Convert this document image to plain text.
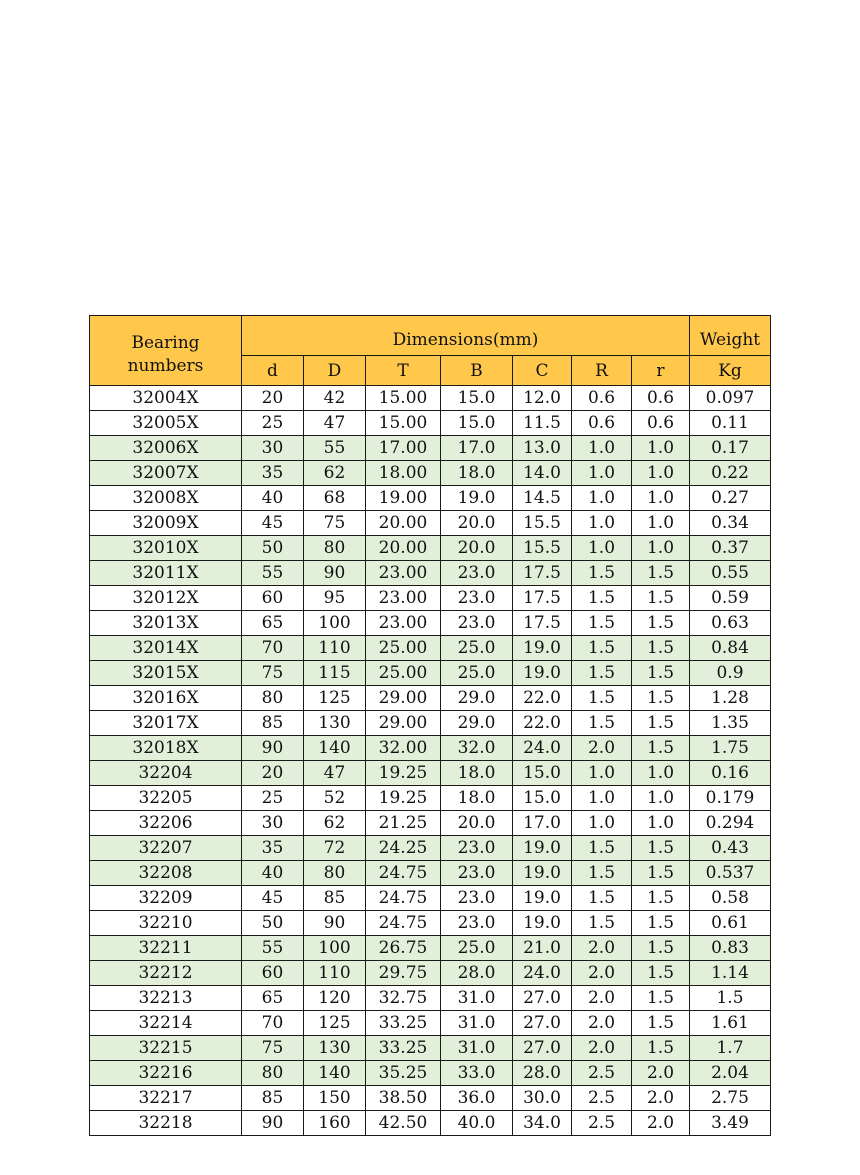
Bearing
numbers	Dimensions(mm)							Weight
	d	D	T	B	C	R	r	Kg
32004X	20	42	15.00	15.0	12.0	0.6	0.6	0.097
32005X	25	47	15.00	15.0	11.5	0.6	0.6	0.11
32006X	30	55	17.00	17.0	13.0	1.0	1.0	0.17
32007X	35	62	18.00	18.0	14.0	1.0	1.0	0.22
32008X	40	68	19.00	19.0	14.5	1.0	1.0	0.27
32009X	45	75	20.00	20.0	15.5	1.0	1.0	0.34
32010X	50	80	20.00	20.0	15.5	1.0	1.0	0.37
32011X	55	90	23.00	23.0	17.5	1.5	1.5	0.55
32012X	60	95	23.00	23.0	17.5	1.5	1.5	0.59
32013X	65	100	23.00	23.0	17.5	1.5	1.5	0.63
32014X	70	110	25.00	25.0	19.0	1.5	1.5	0.84
32015X	75	115	25.00	25.0	19.0	1.5	1.5	0.9
32016X	80	125	29.00	29.0	22.0	1.5	1.5	1.28
32017X	85	130	29.00	29.0	22.0	1.5	1.5	1.35
32018X	90	140	32.00	32.0	24.0	2.0	1.5	1.75
32204	20	47	19.25	18.0	15.0	1.0	1.0	0.16
32205	25	52	19.25	18.0	15.0	1.0	1.0	0.179
32206	30	62	21.25	20.0	17.0	1.0	1.0	0.294
32207	35	72	24.25	23.0	19.0	1.5	1.5	0.43
32208	40	80	24.75	23.0	19.0	1.5	1.5	0.537
32209	45	85	24.75	23.0	19.0	1.5	1.5	0.58
32210	50	90	24.75	23.0	19.0	1.5	1.5	0.61
32211	55	100	26.75	25.0	21.0	2.0	1.5	0.83
32212	60	110	29.75	28.0	24.0	2.0	1.5	1.14
32213	65	120	32.75	31.0	27.0	2.0	1.5	1.5
32214	70	125	33.25	31.0	27.0	2.0	1.5	1.61
32215	75	130	33.25	31.0	27.0	2.0	1.5	1.7
32216	80	140	35.25	33.0	28.0	2.5	2.0	2.04
32217	85	150	38.50	36.0	30.0	2.5	2.0	2.75
32218	90	160	42.50	40.0	34.0	2.5	2.0	3.49
